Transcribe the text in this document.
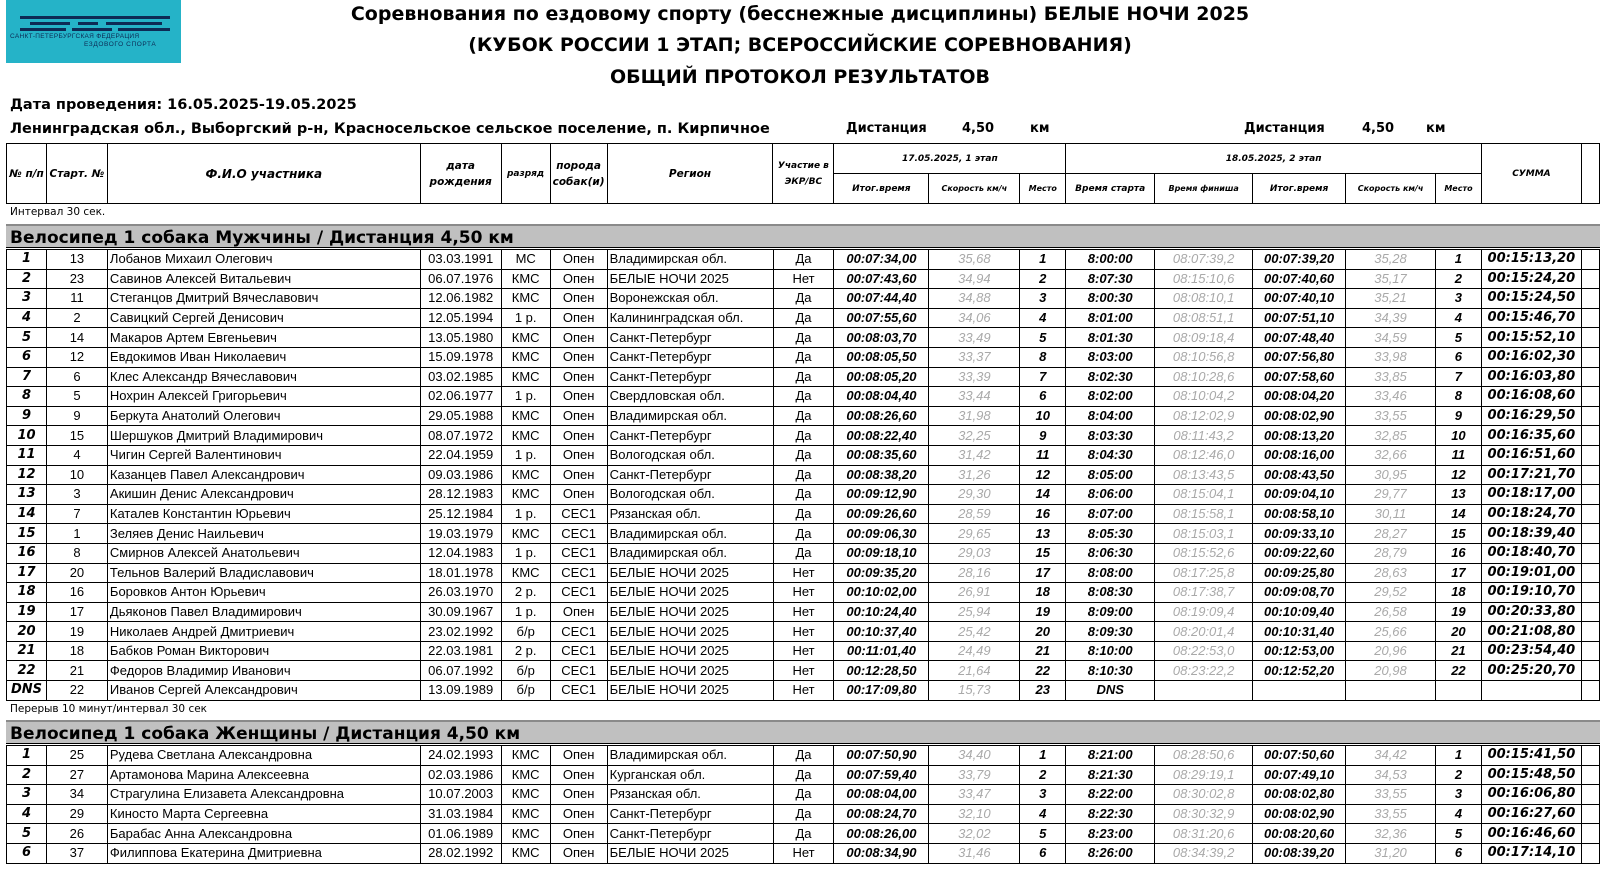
САНКТ-ПЕТЕРБУРГСКАЯ ФЕДЕРАЦИЯ
ЕЗДОВОГО СПОРТА
Соревнования по ездовому спорту (бесснежные дисциплины) БЕЛЫЕ НОЧИ 2025
(КУБОК РОССИИ 1 ЭТАП; ВСЕРОССИЙСКИЕ СОРЕВНОВАНИЯ)
ОБЩИЙ ПРОТОКОЛ РЕЗУЛЬТАТОВ
Дата проведения: 16.05.2025-19.05.2025
Ленинградская обл., Выборгский р-н, Красносельское сельское поселение, п. Кирпичное	Дистанция	4,50	км	Дистанция	4,50 км
№ п/п	Старт. №	Ф.И.О участника	дата рождения	разряд	порода собак(и)	Регион	Участие в ЭКР/ВС	17.05.2025, 1 этап			18.05.2025, 2 этап					СУММА	
								Итог.время	Скорость км/ч	Место	Время старта	Время финиша	Итог.время	Скорость км/ч	Место		
Интервал 30 сек.
Велосипед 1 собака Мужчины / Дистанция 4,50 км
1	13	Лобанов Михаил Олегович	03.03.1991	МС	Опен	Владимирская обл.	Да	00:07:34,00	35,68	1	8:00:00	08:07:39,2	00:07:39,20	35,28	1	00:15:13,20	
2	23	Савинов Алексей Витальевич	06.07.1976	КМС	Опен	БЕЛЫЕ НОЧИ 2025	Нет	00:07:43,60	34,94	2	8:07:30	08:15:10,6	00:07:40,60	35,17	2	00:15:24,20	
3	11	Стеганцов Дмитрий Вячеславович	12.06.1982	КМС	Опен	Воронежская обл.	Да	00:07:44,40	34,88	3	8:00:30	08:08:10,1	00:07:40,10	35,21	3	00:15:24,50	
4	2	Савицкий Сергей Денисович	12.05.1994	1 р.	Опен	Калининградская обл.	Да	00:07:55,60	34,06	4	8:01:00	08:08:51,1	00:07:51,10	34,39	4	00:15:46,70	
5	14	Макаров Артем Евгеньевич	13.05.1980	КМС	Опен	Санкт-Петербург	Да	00:08:03,70	33,49	5	8:01:30	08:09:18,4	00:07:48,40	34,59	5	00:15:52,10	
6	12	Евдокимов Иван Николаевич	15.09.1978	КМС	Опен	Санкт-Петербург	Да	00:08:05,50	33,37	8	8:03:00	08:10:56,8	00:07:56,80	33,98	6	00:16:02,30	
7	6	Клес Александр Вячеславович	03.02.1985	КМС	Опен	Санкт-Петербург	Да	00:08:05,20	33,39	7	8:02:30	08:10:28,6	00:07:58,60	33,85	7	00:16:03,80	
8	5	Нохрин Алексей Григорьевич	02.06.1977	1 р.	Опен	Свердловская обл.	Да	00:08:04,40	33,44	6	8:02:00	08:10:04,2	00:08:04,20	33,46	8	00:16:08,60	
9	9	Беркута Анатолий Олегович	29.05.1988	КМС	Опен	Владимирская обл.	Да	00:08:26,60	31,98	10	8:04:00	08:12:02,9	00:08:02,90	33,55	9	00:16:29,50	
10	15	Шершуков Дмитрий Владимирович	08.07.1972	КМС	Опен	Санкт-Петербург	Да	00:08:22,40	32,25	9	8:03:30	08:11:43,2	00:08:13,20	32,85	10	00:16:35,60	
11	4	Чигин Сергей Валентинович	22.04.1959	1 р.	Опен	Вологодская обл.	Да	00:08:35,60	31,42	11	8:04:30	08:12:46,0	00:08:16,00	32,66	11	00:16:51,60	
12	10	Казанцев Павел Александрович	09.03.1986	КМС	Опен	Санкт-Петербург	Да	00:08:38,20	31,26	12	8:05:00	08:13:43,5	00:08:43,50	30,95	12	00:17:21,70	
13	3	Акишин Денис Александрович	28.12.1983	КМС	Опен	Вологодская обл.	Да	00:09:12,90	29,30	14	8:06:00	08:15:04,1	00:09:04,10	29,77	13	00:18:17,00	
14	7	Каталев Константин Юрьевич	25.12.1984	1 р.	СЕС1	Рязанская обл.	Да	00:09:26,60	28,59	16	8:07:00	08:15:58,1	00:08:58,10	30,11	14	00:18:24,70	
15	1	Зеляев Денис Наильевич	19.03.1979	КМС	СЕС1	Владимирская обл.	Да	00:09:06,30	29,65	13	8:05:30	08:15:03,1	00:09:33,10	28,27	15	00:18:39,40	
16	8	Смирнов Алексей Анатольевич	12.04.1983	1 р.	СЕС1	Владимирская обл.	Да	00:09:18,10	29,03	15	8:06:30	08:15:52,6	00:09:22,60	28,79	16	00:18:40,70	
17	20	Тельнов Валерий Владиславович	18.01.1978	КМС	СЕС1	БЕЛЫЕ НОЧИ 2025	Нет	00:09:35,20	28,16	17	8:08:00	08:17:25,8	00:09:25,80	28,63	17	00:19:01,00	
18	16	Боровков Антон Юрьевич	26.03.1970	2 р.	СЕС1	БЕЛЫЕ НОЧИ 2025	Нет	00:10:02,00	26,91	18	8:08:30	08:17:38,7	00:09:08,70	29,52	18	00:19:10,70	
19	17	Дьяконов Павел Владимирович	30.09.1967	1 р.	Опен	БЕЛЫЕ НОЧИ 2025	Нет	00:10:24,40	25,94	19	8:09:00	08:19:09,4	00:10:09,40	26,58	19	00:20:33,80	
20	19	Николаев Андрей Дмитриевич	23.02.1992	б/р	СЕС1	БЕЛЫЕ НОЧИ 2025	Нет	00:10:37,40	25,42	20	8:09:30	08:20:01,4	00:10:31,40	25,66	20	00:21:08,80	
21	18	Бабков Роман Викторович	22.03.1981	2 р.	СЕС1	БЕЛЫЕ НОЧИ 2025	Нет	00:11:01,40	24,49	21	8:10:00	08:22:53,0	00:12:53,00	20,96	21	00:23:54,40	
22	21	Федоров Владимир Иванович	06.07.1992	б/р	СЕС1	БЕЛЫЕ НОЧИ 2025	Нет	00:12:28,50	21,64	22	8:10:30	08:23:22,2	00:12:52,20	20,98	22	00:25:20,70	
DNS	22	Иванов Сергей Александрович	13.09.1989	б/р	СЕС1	БЕЛЫЕ НОЧИ 2025	Нет	00:17:09,80	15,73	23	DNS						
Перерыв 10 минут/интервал 30 сек
Велосипед 1 собака Женщины / Дистанция 4,50 км
1	25	Рудева Светлана Александровна	24.02.1993	КМС	Опен	Владимирская обл.	Да	00:07:50,90	34,40	1	8:21:00	08:28:50,6	00:07:50,60	34,42	1	00:15:41,50	
2	27	Артамонова Марина Алексеевна	02.03.1986	КМС	Опен	Курганская обл.	Да	00:07:59,40	33,79	2	8:21:30	08:29:19,1	00:07:49,10	34,53	2	00:15:48,50	
3	34	Страгулина Елизавета Александровна	10.07.2003	КМС	Опен	Рязанская обл.	Да	00:08:04,00	33,47	3	8:22:00	08:30:02,8	00:08:02,80	33,55	3	00:16:06,80	
4	29	Киносто Марта Сергеевна	31.03.1984	КМС	Опен	Санкт-Петербург	Да	00:08:24,70	32,10	4	8:22:30	08:30:32,9	00:08:02,90	33,55	4	00:16:27,60	
5	26	Барабас Анна Александровна	01.06.1989	КМС	Опен	Санкт-Петербург	Да	00:08:26,00	32,02	5	8:23:00	08:31:20,6	00:08:20,60	32,36	5	00:16:46,60	
6	37	Филиппова Екатерина Дмитриевна	28.02.1992	КМС	Опен	БЕЛЫЕ НОЧИ 2025	Нет	00:08:34,90	31,46	6	8:26:00	08:34:39,2	00:08:39,20	31,20	6	00:17:14,10	
